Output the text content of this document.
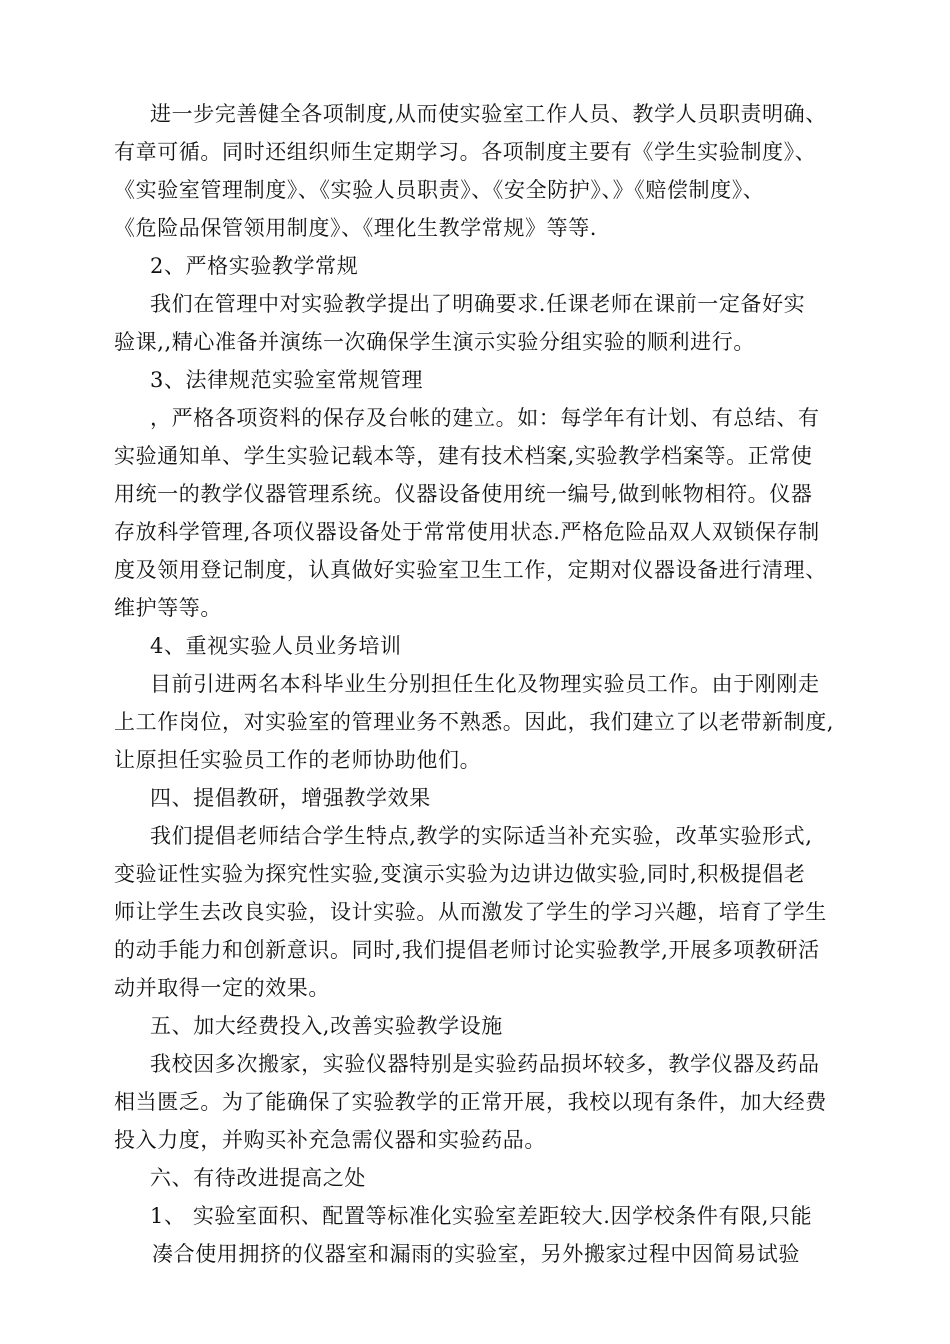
进一步完善健全各项制度,从而使实验室工作人员、教学人员职责明确、
有章可循。同时还组织师生定期学习。各项制度主要有《学生实验制度》、
《实验室管理制度》、《实验人员职责》、《安全防护》、》《赔偿制度》、
《危险品保管领用制度》、《理化生教学常规》等等.
2、严格实验教学常规
我们在管理中对实验教学提出了明确要求.任课老师在课前一定备好实
验课,,精心准备并演练一次确保学生演示实验分组实验的顺利进行。
3、法律规范实验室常规管理
，严格各项资料的保存及台帐的建立。如：每学年有计划、有总结、有
实验通知单、学生实验记载本等，建有技术档案,实验教学档案等。正常使
用统一的教学仪器管理系统。仪器设备使用统一编号,做到帐物相符。仪器
存放科学管理,各项仪器设备处于常常使用状态.严格危险品双人双锁保存制
度及领用登记制度，认真做好实验室卫生工作，定期对仪器设备进行清理、
维护等等。
4、重视实验人员业务培训
目前引进两名本科毕业生分别担任生化及物理实验员工作。由于刚刚走
上工作岗位，对实验室的管理业务不熟悉。因此，我们建立了以老带新制度,
让原担任实验员工作的老师协助他们。
四、提倡教研，增强教学效果
我们提倡老师结合学生特点,教学的实际适当补充实验，改革实验形式,
变验证性实验为探究性实验,变演示实验为边讲边做实验,同时,积极提倡老
师让学生去改良实验，设计实验。从而激发了学生的学习兴趣，培育了学生
的动手能力和创新意识。同时,我们提倡老师讨论实验教学,开展多项教研活
动并取得一定的效果。
五、加大经费投入,改善实验教学设施
我校因多次搬家，实验仪器特别是实验药品损坏较多，教学仪器及药品
相当匮乏。为了能确保了实验教学的正常开展，我校以现有条件，加大经费
投入力度，并购买补充急需仪器和实验药品。
六、有待改进提高之处
1、 实验室面积、配置等标准化实验室差距较大.因学校条件有限,只能
凑合使用拥挤的仪器室和漏雨的实验室，另外搬家过程中因简易试验
